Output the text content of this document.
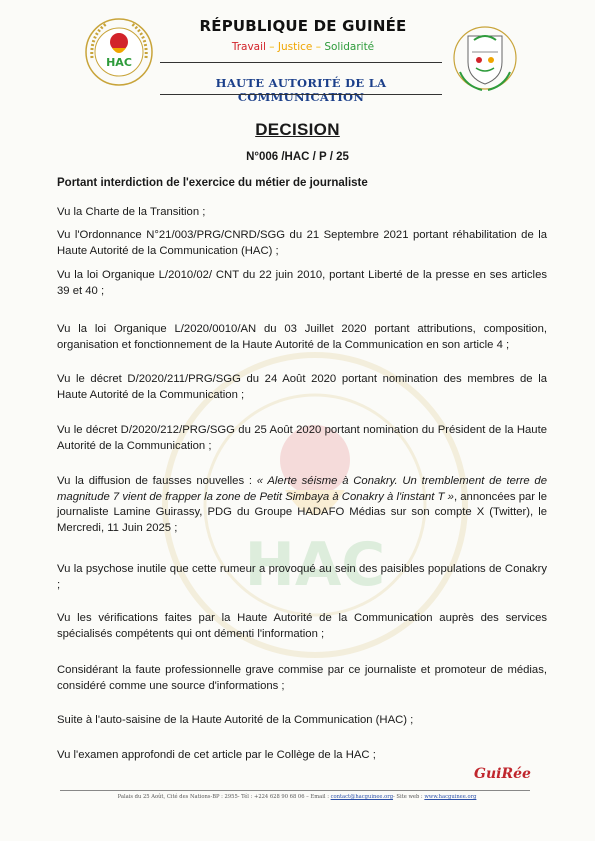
HAC
RÉPUBLIQUE DE GUINÉE
Travail – Justice – Solidarité
HAUTE AUTORITÉ DE LA COMMUNICATION
HAC
DECISION
N°006 /HAC / P / 25
Portant interdiction de l'exercice du métier de journaliste
Vu la Charte de la Transition ;
Vu l'Ordonnance N°21/003/PRG/CNRD/SGG du 21 Septembre 2021 portant réhabilitation de la Haute Autorité de la Communication (HAC) ;
Vu la loi Organique L/2010/02/ CNT du 22 juin 2010, portant Liberté de la presse en ses articles 39 et 40 ;
Vu la loi Organique L/2020/0010/AN du 03 Juillet 2020 portant attributions, composition, organisation et fonctionnement de la Haute Autorité de la Communication en son article 4 ;
Vu le décret D/2020/211/PRG/SGG du 24 Août 2020 portant nomination des membres de la Haute Autorité de la Communication ;
Vu le décret D/2020/212/PRG/SGG du 25 Août 2020 portant nomination du Président de la Haute Autorité de la Communication ;
Vu la diffusion de fausses nouvelles : « Alerte séisme à Conakry. Un tremblement de terre de magnitude 7 vient de frapper la zone de Petit Simbaya à Conakry à l'instant T », annoncées par le journaliste Lamine Guirassy, PDG du Groupe HADAFO Médias sur son compte X (Twitter), le Mercredi, 11 Juin 2025 ;
Vu la psychose inutile que cette rumeur a provoqué au sein des paisibles populations de Conakry ;
Vu les vérifications faites par la Haute Autorité de la Communication auprès des services spécialisés compétents qui ont démenti l'information ;
Considérant la faute professionnelle grave commise par ce journaliste et promoteur de médias, considéré comme une source d'informations ;
Suite à l'auto-saisine de la Haute Autorité de la Communication (HAC) ;
Vu l'examen approfondi de cet article par le Collège de la HAC ;
GuiRée
Palais du 25 Août, Cité des Nations-BP : 2955- Tél : +224 628 90 68 06 – Email : contact@hacguinee.org- Site web : www.hacguinee.org
